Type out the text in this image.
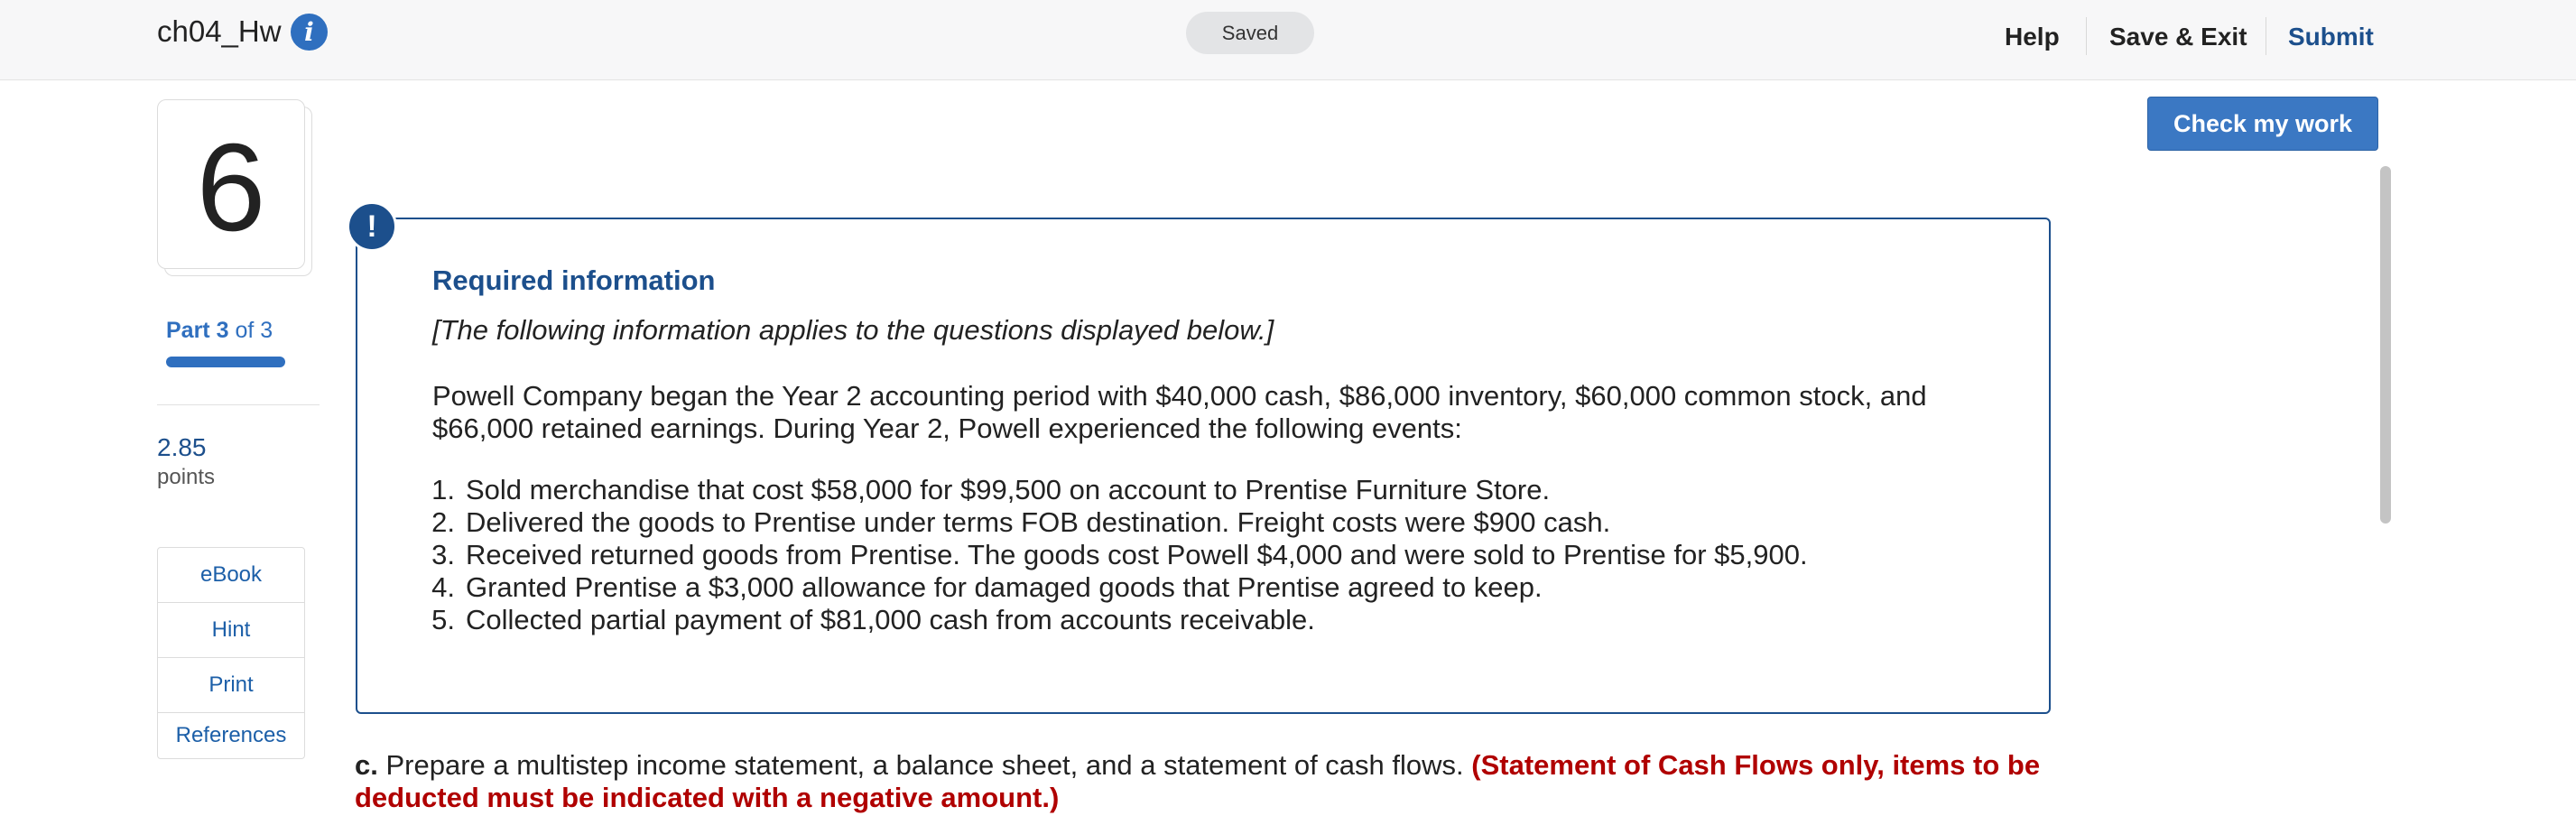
ch04_Hw i	Saved	Help Save & Exit Submit
6
Part 3 of 3
2.85
points
eBook
Hint
Print
References
Check my work
!
Required information
[The following information applies to the questions displayed below.]
Powell Company began the Year 2 accounting period with $40,000 cash, $86,000 inventory, $60,000 common stock, and $66,000 retained earnings. During Year 2, Powell experienced the following events:
1. Sold merchandise that cost $58,000 for $99,500 on account to Prentise Furniture Store.
2. Delivered the goods to Prentise under terms FOB destination. Freight costs were $900 cash.
3. Received returned goods from Prentise. The goods cost Powell $4,000 and were sold to Prentise for $5,900.
4. Granted Prentise a $3,000 allowance for damaged goods that Prentise agreed to keep.
5. Collected partial payment of $81,000 cash from accounts receivable.
c. Prepare a multistep income statement, a balance sheet, and a statement of cash flows. (Statement of Cash Flows only, items to be deducted must be indicated with a negative amount.)
